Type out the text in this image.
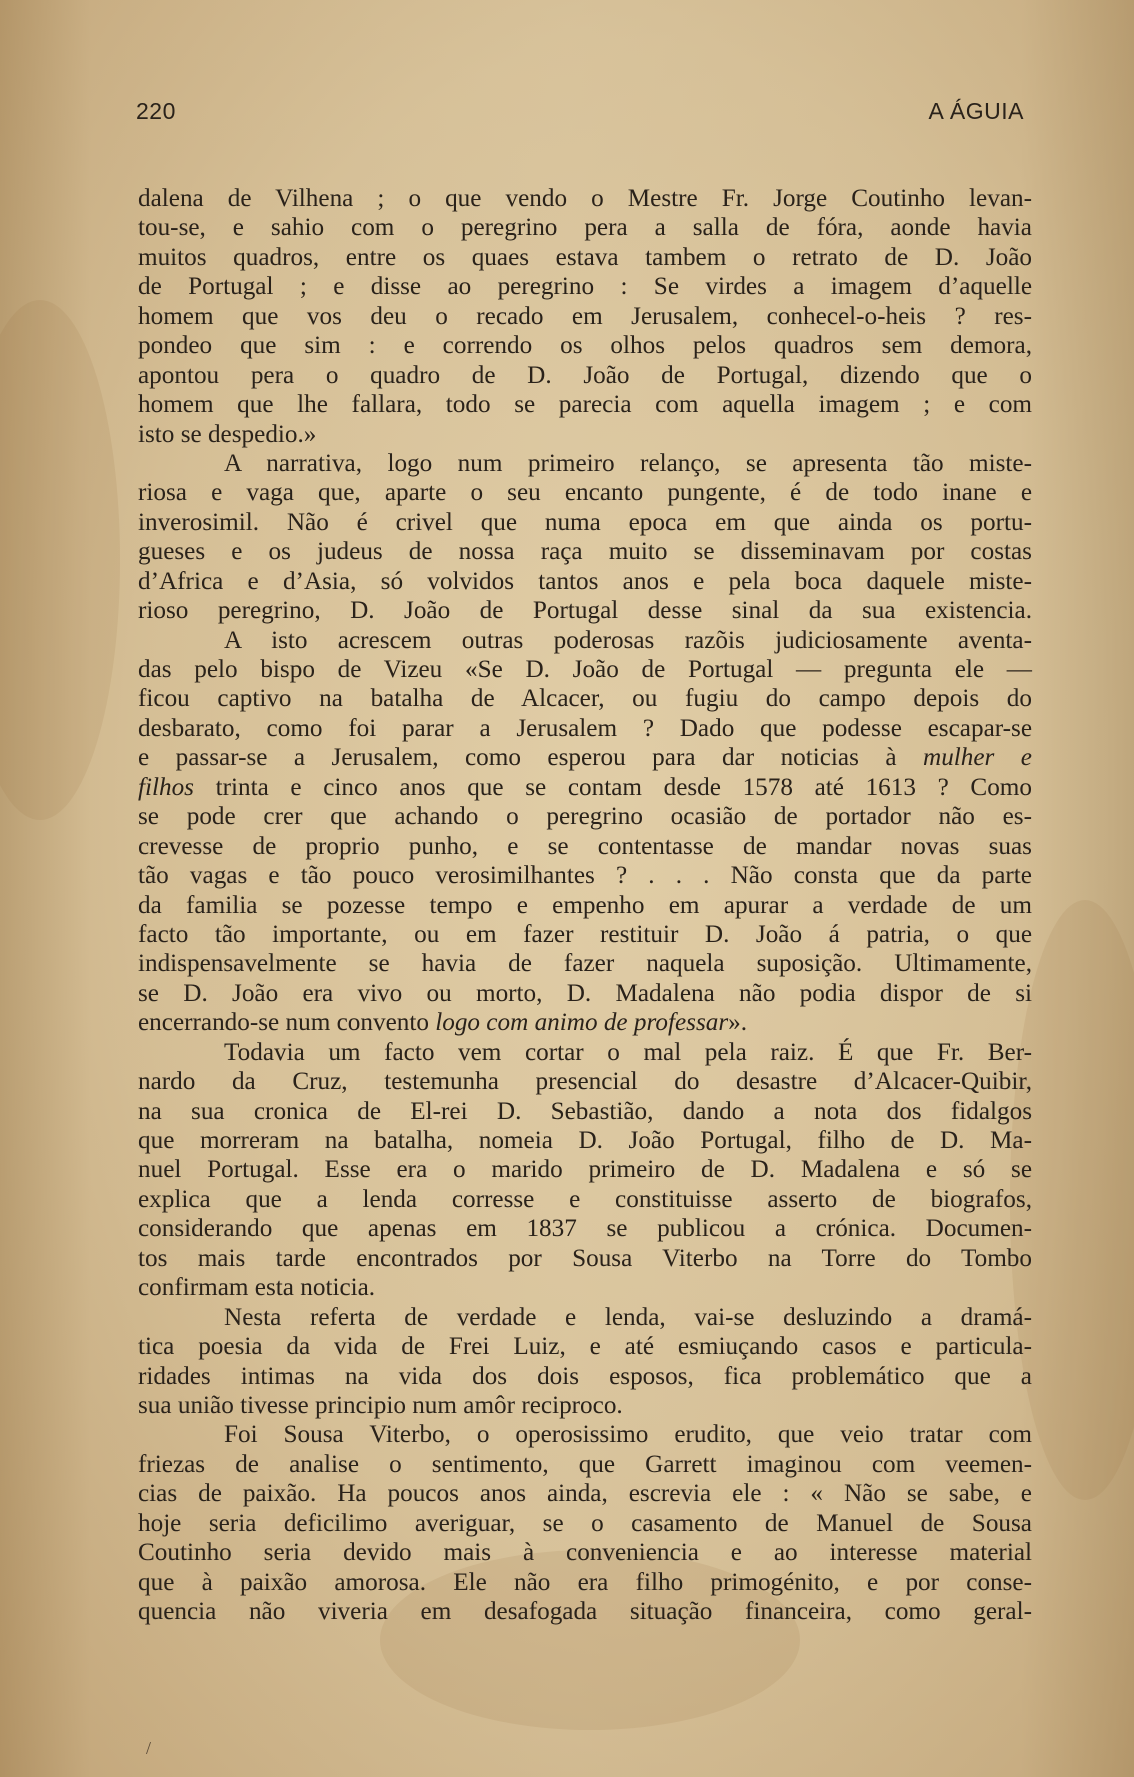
220	A ÁGUIA
dalena de Vilhena ; o que vendo o Mestre Fr. Jorge Coutinho levan-
tou-se, e sahio com o peregrino pera a salla de fóra, aonde havia
muitos quadros, entre os quaes estava tambem o retrato de D. João
de Portugal ; e disse ao peregrino : Se virdes a imagem d’aquelle
homem que vos deu o recado em Jerusalem, conhecel-o-heis ? res-
pondeo que sim : e correndo os olhos pelos quadros sem demora,
apontou pera o quadro de D. João de Portugal, dizendo que o
homem que lhe fallara, todo se parecia com aquella imagem ; e com
isto se despedio.»
A narrativa, logo num primeiro relanço, se apresenta tão miste-
riosa e vaga que, aparte o seu encanto pungente, é de todo inane e
inverosimil. Não é crivel que numa epoca em que ainda os portu-
gueses e os judeus de nossa raça muito se disseminavam por costas
d’Africa e d’Asia, só volvidos tantos anos e pela boca daquele miste-
rioso peregrino, D. João de Portugal desse sinal da sua existencia.
A isto acrescem outras poderosas razõis judiciosamente aventa-
das pelo bispo de Vizeu «Se D. João de Portugal — pregunta ele —
ficou captivo na batalha de Alcacer, ou fugiu do campo depois do
desbarato, como foi parar a Jerusalem ? Dado que podesse escapar-se
e passar-se a Jerusalem, como esperou para dar noticias à mulher e
filhos trinta e cinco anos que se contam desde 1578 até 1613 ? Como
se pode crer que achando o peregrino ocasião de portador não es-
crevesse de proprio punho, e se contentasse de mandar novas suas
tão vagas e tão pouco verosimilhantes ? . . . Não consta que da parte
da familia se pozesse tempo e empenho em apurar a verdade de um
facto tão importante, ou em fazer restituir D. João á patria, o que
indispensavelmente se havia de fazer naquela suposição. Ultimamente,
se D. João era vivo ou morto, D. Madalena não podia dispor de si
encerrando-se num convento logo com animo de professar».
Todavia um facto vem cortar o mal pela raiz. É que Fr. Ber-
nardo da Cruz, testemunha presencial do desastre d’Alcacer-Quibir,
na sua cronica de El-rei D. Sebastião, dando a nota dos fidalgos
que morreram na batalha, nomeia D. João Portugal, filho de D. Ma-
nuel Portugal. Esse era o marido primeiro de D. Madalena e só se
explica que a lenda corresse e constituisse asserto de biografos,
considerando que apenas em 1837 se publicou a crónica. Documen-
tos mais tarde encontrados por Sousa Viterbo na Torre do Tombo
confirmam esta noticia.
Nesta referta de verdade e lenda, vai-se desluzindo a dramá-
tica poesia da vida de Frei Luiz, e até esmiuçando casos e particula-
ridades intimas na vida dos dois esposos, fica problemático que a
sua união tivesse principio num amôr reciproco.
Foi Sousa Viterbo, o operosissimo erudito, que veio tratar com
friezas de analise o sentimento, que Garrett imaginou com veemen-
cias de paixão. Ha poucos anos ainda, escrevia ele : « Não se sabe, e
hoje seria deficilimo averiguar, se o casamento de Manuel de Sousa
Coutinho seria devido mais à conveniencia e ao interesse material
que à paixão amorosa. Ele não era filho primogénito, e por conse-
quencia não viveria em desafogada situação financeira, como geral-
/
